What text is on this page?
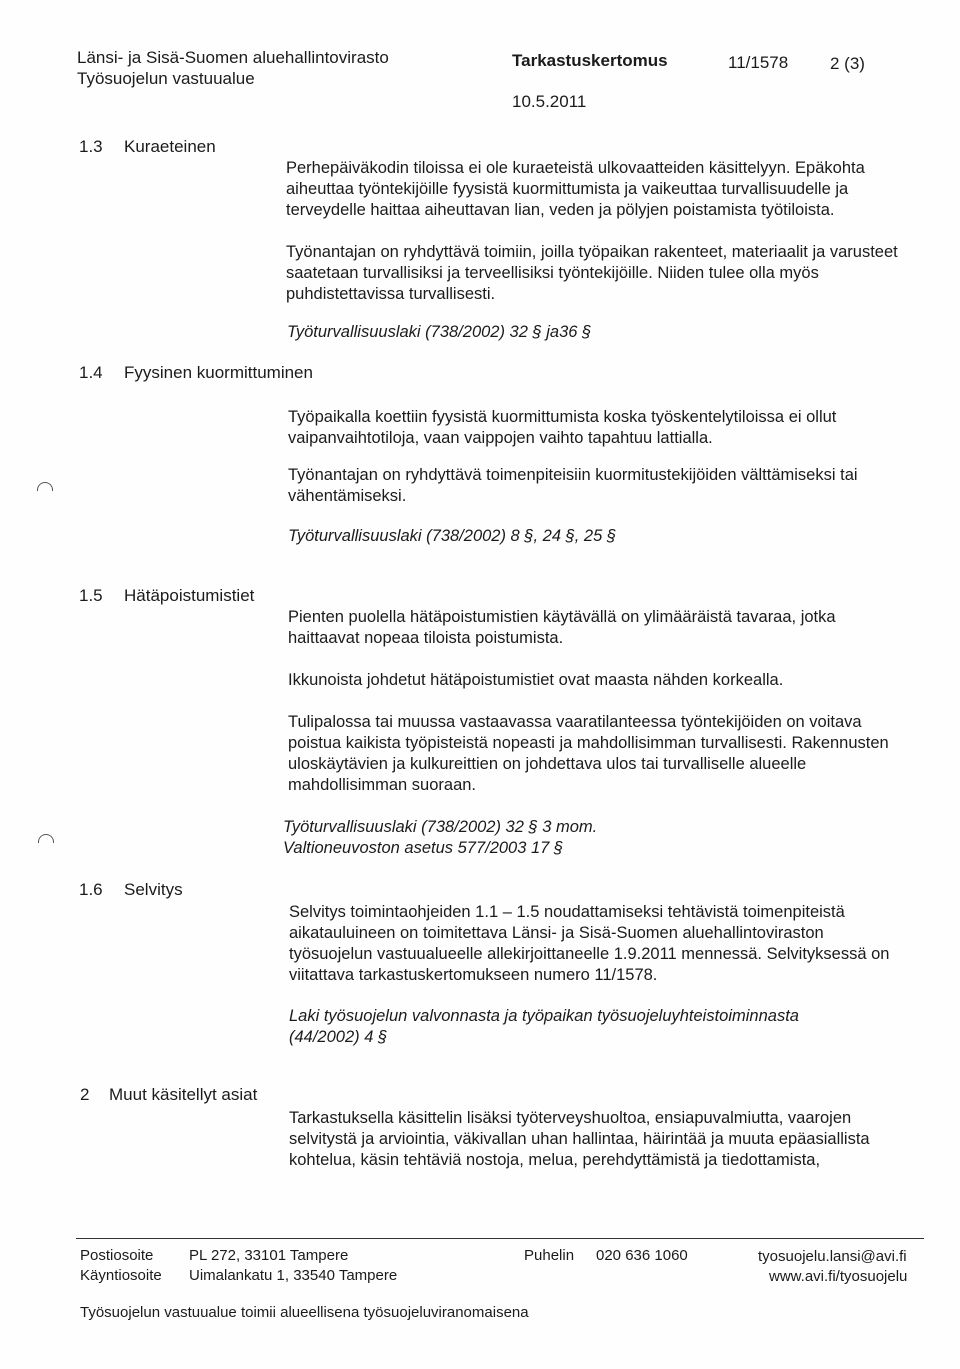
Länsi- ja Sisä-Suomen aluehallintovirasto
Työsuojelun vastuualue
Tarkastuskertomus	11/1578 2 (3)
10.5.2011
1.3 Kuraeteinen

Perhepäiväkodin tiloissa ei ole kuraeteistä ulkovaatteiden käsittelyyn. Epäkohta aiheuttaa työntekijöille fyysistä kuormittumista ja vaikeuttaa turvallisuudelle ja terveydelle haittaa aiheuttavan lian, veden ja pölyjen poistamista työtiloista.

Työnantajan on ryhdyttävä toimiin, joilla työpaikan rakenteet, materiaalit ja varusteet saatetaan turvallisiksi ja terveellisiksi työntekijöille. Niiden tulee olla myös puhdistettavissa turvallisesti.

Työturvallisuuslaki (738/2002) 32 § ja36 §
1.4 Fyysinen kuormittuminen

Työpaikalla koettiin fyysistä kuormittumista koska työskentelytiloissa ei ollut vaipanvaihtotiloja, vaan vaippojen vaihto tapahtuu lattialla.

Työnantajan on ryhdyttävä toimenpiteisiin kuormitustekijöiden välttämiseksi tai vähentämiseksi.

Työturvallisuuslaki (738/2002) 8 §, 24 §, 25 §
1.5 Hätäpoistumistiet

Pienten puolella hätäpoistumistien käytävällä on ylimääräistä tavaraa, jotka haittaavat nopeaa tiloista poistumista.

Ikkunoista johdetut hätäpoistumistiet ovat maasta nähden korkealla.

Tulipalossa tai muussa vastaavassa vaaratilanteessa työntekijöiden on voitava poistua kaikista työpisteistä nopeasti ja mahdollisimman turvallisesti. Rakennusten uloskäytävien ja kulkureittien on johdettava ulos tai turvalliselle alueelle mahdollisimman suoraan.

Työturvallisuuslaki (738/2002) 32 § 3 mom.
Valtioneuvoston asetus 577/2003 17 §
1.6 Selvitys

Selvitys toimintaohjeiden 1.1 – 1.5 noudattamiseksi tehtävistä toimenpiteistä aikatauluineen on toimitettava Länsi- ja Sisä-Suomen aluehallintoviraston työsuojelun vastuualueelle allekirjoittaneelle 1.9.2011 mennessä. Selvityksessä on viitattava tarkastuskertomukseen numero 11/1578.

Laki työsuojelun valvonnasta ja työpaikan työsuojeluyhteistoiminnasta
(44/2002) 4 §
2 Muut käsitellyt asiat

Tarkastuksella käsittelin lisäksi työterveyshuoltoa, ensiapuvalmiutta, vaarojen selvitystä ja arviointia, väkivallan uhan hallintaa, häirintää ja muuta epäasiallista kohtelua, käsin tehtäviä nostoja, melua, perehdyttämistä ja tiedottamista,

Postiosoite PL 272, 33101 Tampere
Käyntiosoite Uimalankatu 1, 33540 Tampere
Puhelin 020 636 1060	tyosuojelu.lansi@avi.fi
www.avi.fi/tyosuojelu
Työsuojelun vastuualue toimii alueellisena työsuojeluviranomaisena
